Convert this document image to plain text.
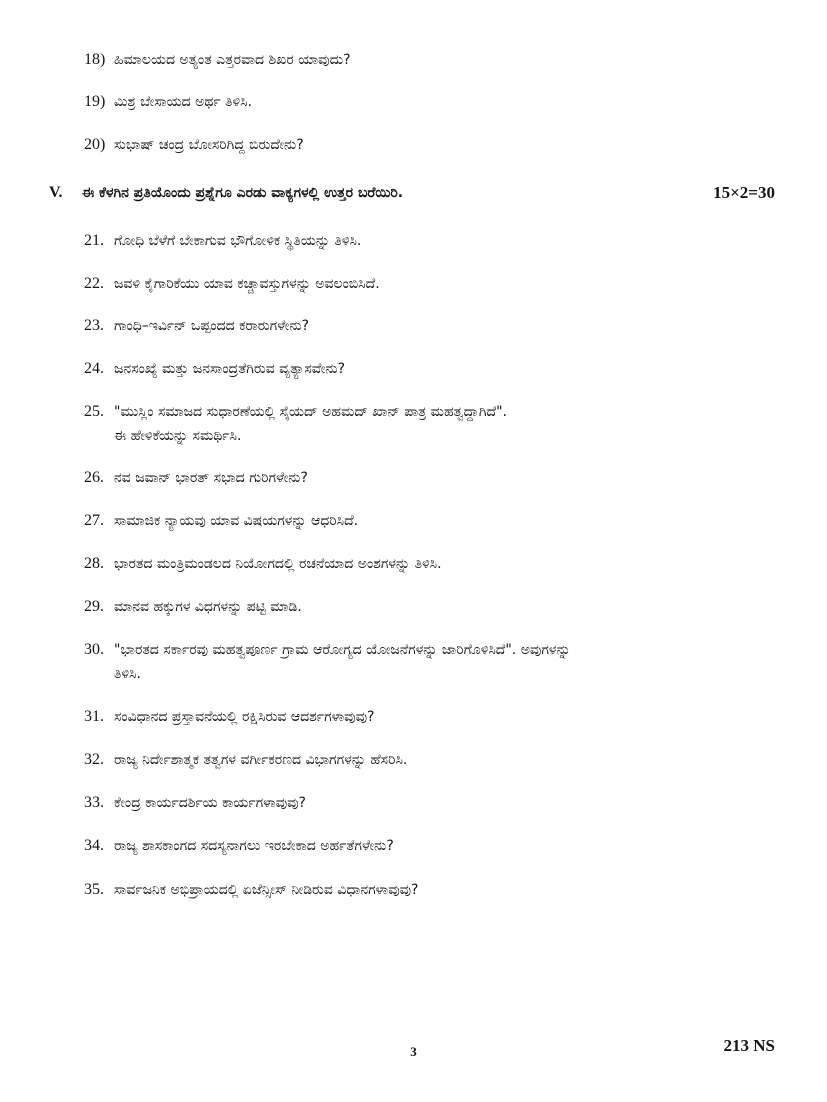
18) ಹಿಮಾಲಯದ ಅತ್ಯಂತ ಎತ್ತರವಾದ ಶಿಖರ ಯಾವುದು?
19) ಮಿಶ್ರ ಬೇಸಾಯದ ಅರ್ಥ ತಿಳಿಸಿ.
20) ಸುಭಾಷ್ ಚಂದ್ರ ಬೋಸರಿಗಿದ್ದ ಬಿರುದೇನು?
V. ಈ ಕೆಳಗಿನ ಪ್ರತಿಯೊಂದು ಪ್ರಶ್ನೆಗೂ ಎರಡು ವಾಕ್ಯಗಳಲ್ಲಿ ಉತ್ತರ ಬರೆಯಿರಿ.	15×2=30
21. ಗೋಧಿ ಬೆಳೆಗೆ ಬೇಕಾಗುವ ಭೌಗೋಳಿಕ ಸ್ಥಿತಿಯನ್ನು ತಿಳಿಸಿ.
22. ಜವಳಿ ಕೈಗಾರಿಕೆಯು ಯಾವ ಕಚ್ಚಾವಸ್ತುಗಳನ್ನು ಅವಲಂಬಿಸಿದೆ.
23. ಗಾಂಧಿ–ಇರ್ವಿನ್ ಒಪ್ಪಂದದ ಕರಾರುಗಳೇನು?
24. ಜನಸಂಖ್ಯೆ ಮತ್ತು ಜನಸಾಂದ್ರತೆಗಿರುವ ವ್ಯತ್ಯಾಸವೇನು?
25. "ಮುಸ್ಲಿಂ ಸಮಾಜದ ಸುಧಾರಣೆಯಲ್ಲಿ ಸೈಯದ್ ಅಹಮದ್ ಖಾನ್ ಪಾತ್ರ ಮಹತ್ವದ್ದಾಗಿದೆ".
ಈ ಹೇಳಿಕೆಯನ್ನು ಸಮರ್ಥಿಸಿ.
26. ನವ ಜವಾನ್ ಭಾರತ್ ಸಭಾದ ಗುರಿಗಳೇನು?
27. ಸಾಮಾಜಿಕ ನ್ಯಾಯವು ಯಾವ ವಿಷಯಗಳನ್ನು ಆಧರಿಸಿದೆ.
28. ಭಾರತದ ಮಂತ್ರಿಮಂಡಲದ ನಿಯೋಗದಲ್ಲಿ ರಚನೆಯಾದ ಅಂಶಗಳನ್ನು ತಿಳಿಸಿ.
29. ಮಾನವ ಹಕ್ಕುಗಳ ವಿಧಗಳನ್ನು ಪಟ್ಟಿ ಮಾಡಿ.
30. "ಭಾರತದ ಸರ್ಕಾರವು ಮಹತ್ವಪೂರ್ಣ ಗ್ರಾಮ ಆರೋಗ್ಯದ ಯೋಜನೆಗಳನ್ನು ಜಾರಿಗೊಳಿಸಿದೆ". ಅವುಗಳನ್ನು
ತಿಳಿಸಿ.
31. ಸಂವಿಧಾನದ ಪ್ರಸ್ತಾವನೆಯಲ್ಲಿ ರಕ್ಷಿಸಿರುವ ಆದರ್ಶಗಳಾವುವು?
32. ರಾಜ್ಯ ನಿರ್ದೇಶಾತ್ಮಕ ತತ್ವಗಳ ವರ್ಗೀಕರಣದ ವಿಭಾಗಗಳನ್ನು ಹೆಸರಿಸಿ.
33. ಕೇಂದ್ರ ಕಾರ್ಯದರ್ಶಿಯ ಕಾರ್ಯಗಳಾವುವು?
34. ರಾಜ್ಯ ಶಾಸಕಾಂಗದ ಸದಸ್ಯನಾಗಲು ಇರಬೇಕಾದ ಅರ್ಹತೆಗಳೇನು?
35. ಸಾರ್ವಜನಿಕ ಅಭಿಪ್ರಾಯದಲ್ಲಿ ಏಜೆನ್ಸೀಸ್ ನೀಡಿರುವ ವಿಧಾನಗಳಾವುವು?
3	213 NS
